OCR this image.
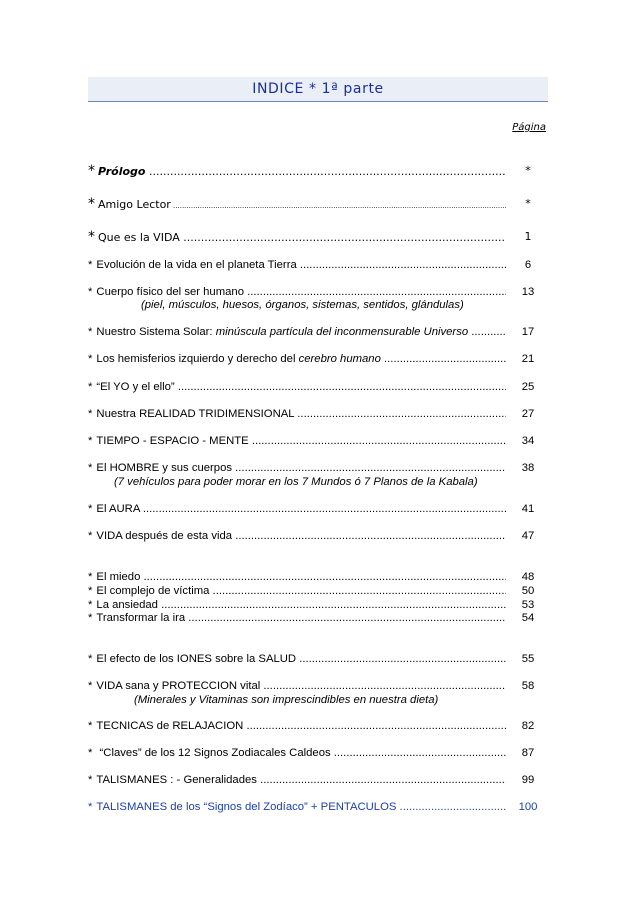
INDICE * 1ª parte
Página
* Prólogo .....	*
* Amigo Lector .....	*
* Que es la VIDA .....	1
* Evolución de la vida en el planeta Tierra .....	6
* Cuerpo físico del ser humano .....	13
(piel, músculos, huesos, órganos, sistemas, sentidos, glándulas)
* Nuestro Sistema Solar: minúscula partícula del inconmensurable Universo .....	17
* Los hemisferios izquierdo y derecho del cerebro humano .....	21
* “El YO y el ello” .....	25
* Nuestra REALIDAD TRIDIMENSIONAL .....	27
* TIEMPO - ESPACIO - MENTE .....	34
* El HOMBRE y sus cuerpos .....	38
(7 vehículos para poder morar en los 7 Mundos ó 7 Planos de la Kabala)
* El AURA .....	41
* VIDA después de esta vida .....	47
* El miedo .....	48
* El complejo de víctima .....	50
* La ansiedad .....	53
* Transformar la ira .....	54
* El efecto de los IONES sobre la SALUD .....	55
* VIDA sana y PROTECCION vital .....	58
(Minerales y Vitaminas son imprescindibles en nuestra dieta)
* TECNICAS de RELAJACION .....	82
* “Claves” de los 12 Signos Zodiacales Caldeos .....	87
* TALISMANES : - Generalidades .....	99
* TALISMANES de los “Signos del Zodíaco” + PENTACULOS .....	100
